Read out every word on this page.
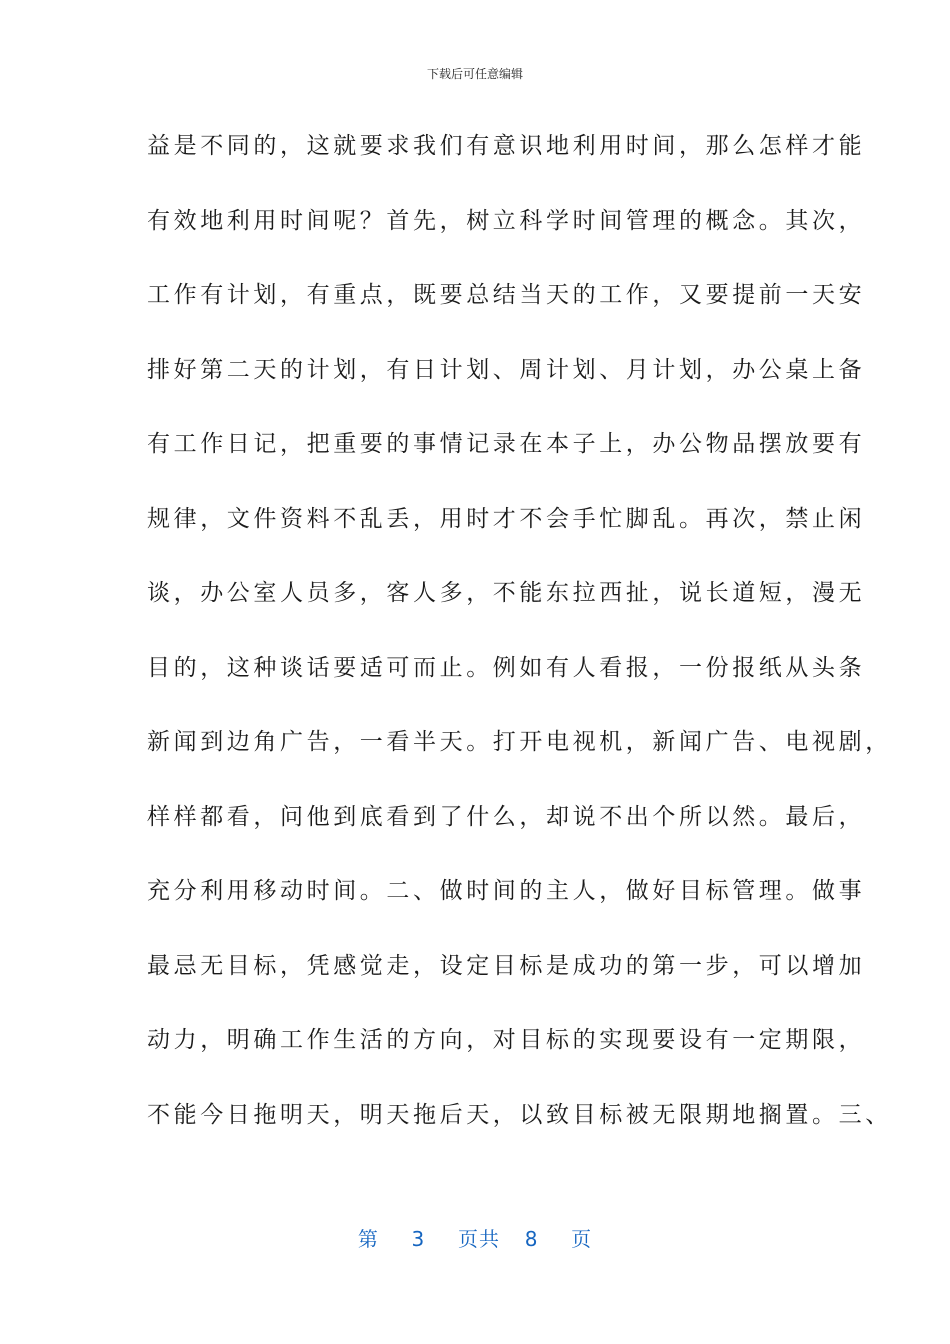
下载后可任意编辑
益是不同的，这就要求我们有意识地利用时间，那么怎样才能
有效地利用时间呢？首先，树立科学时间管理的概念。其次，
工作有计划，有重点，既要总结当天的工作，又要提前一天安
排好第二天的计划，有日计划、周计划、月计划，办公桌上备
有工作日记，把重要的事情记录在本子上，办公物品摆放要有
规律，文件资料不乱丢，用时才不会手忙脚乱。再次，禁止闲
谈，办公室人员多，客人多，不能东拉西扯，说长道短，漫无
目的，这种谈话要适可而止。例如有人看报，一份报纸从头条
新闻到边角广告，一看半天。打开电视机，新闻广告、电视剧，
样样都看，问他到底看到了什么，却说不出个所以然。最后，
充分利用移动时间。二、做时间的主人，做好目标管理。做事
最忌无目标，凭感觉走，设定目标是成功的第一步，可以增加
动力，明确工作生活的方向，对目标的实现要设有一定期限，
不能今日拖明天，明天拖后天，以致目标被无限期地搁置。三、
第 3 页共 8 页
